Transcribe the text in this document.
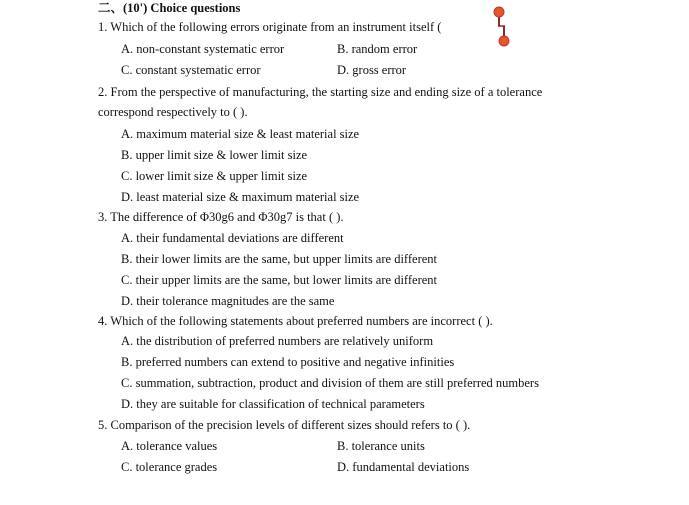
二、(10') Choice questions
1. Which of the following errors originate from an instrument itself (
A. non-constant systematic error	B. random error
C. constant systematic error	D. gross error
2. From the perspective of manufacturing, the starting size and ending size of a tolerance
correspond respectively to ( ).
A. maximum material size & least material size
B. upper limit size & lower limit size
C. lower limit size & upper limit size
D. least material size & maximum material size
3. The difference of Φ30g6 and Φ30g7 is that ( ).
A. their fundamental deviations are different
B. their lower limits are the same, but upper limits are different
C. their upper limits are the same, but lower limits are different
D. their tolerance magnitudes are the same
4. Which of the following statements about preferred numbers are incorrect ( ).
A. the distribution of preferred numbers are relatively uniform
B. preferred numbers can extend to positive and negative infinities
C. summation, subtraction, product and division of them are still preferred numbers
D. they are suitable for classification of technical parameters
5. Comparison of the precision levels of different sizes should refers to ( ).
A. tolerance values	B. tolerance units
C. tolerance grades	D. fundamental deviations
